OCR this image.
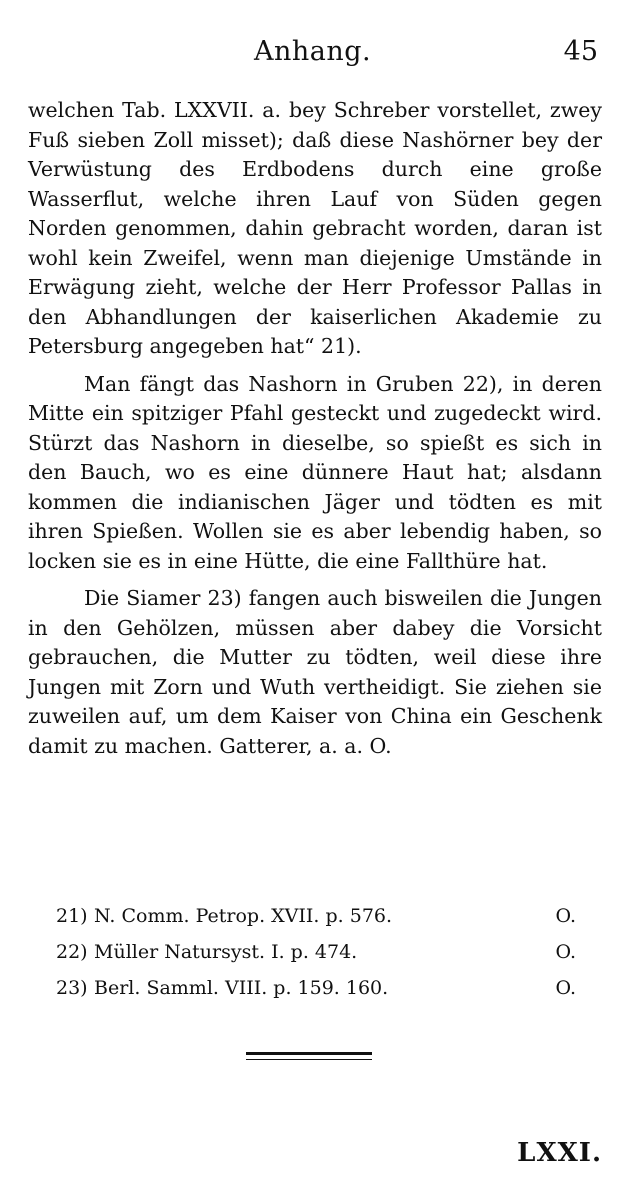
Anhang.	45

welchen Tab. LXXVII. a. bey Schreber vorstellet, zwey Fuß sieben Zoll misset); daß diese Nashörner bey der Verwüstung des Erdbodens durch eine große Wasserflut, welche ihren Lauf von Süden gegen Norden genommen, dahin gebracht worden, daran ist wohl kein Zweifel, wenn man diejenige Umstände in Erwägung zieht, welche der Herr Professor Pallas in den Abhandlungen der kaiserlichen Akademie zu Petersburg angegeben hat“ 21).

Man fängt das Nashorn in Gruben 22), in deren Mitte ein spitziger Pfahl gesteckt und zugedeckt wird. Stürzt das Nashorn in dieselbe, so spießt es sich in den Bauch, wo es eine dünnere Haut hat; alsdann kommen die indianischen Jäger und tödten es mit ihren Spießen. Wollen sie es aber lebendig haben, so locken sie es in eine Hütte, die eine Fallthüre hat.

Die Siamer 23) fangen auch bisweilen die Jungen in den Gehölzen, müssen aber dabey die Vorsicht gebrauchen, die Mutter zu tödten, weil diese ihre Jungen mit Zorn und Wuth vertheidigt. Sie ziehen sie zuweilen auf, um dem Kaiser von China ein Geschenk damit zu machen. Gatterer, a. a. O.

21) N. Comm. Petrop. XVII. p. 576.	O.
22) Müller Natursyst. I. p. 474.	O.
23) Berl. Samml. VIII. p. 159. 160.	O.
LXXI.
